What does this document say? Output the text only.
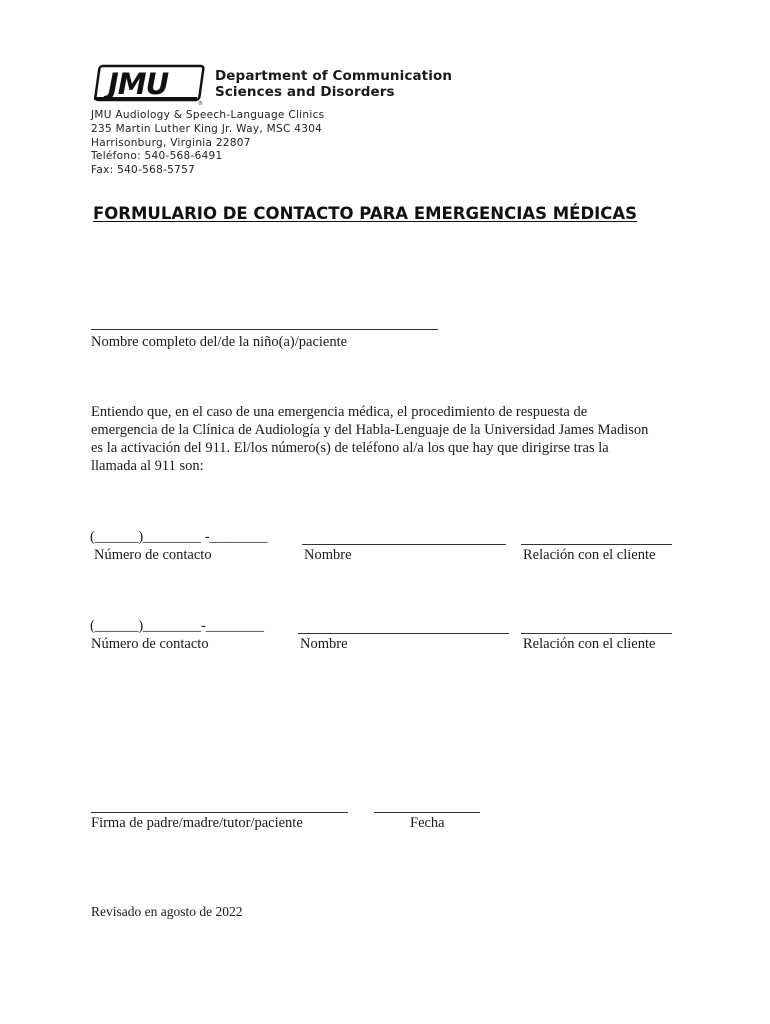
JMU
®
Department of Communication
Sciences and Disorders
JMU Audiology & Speech-Language Clinics
235 Martin Luther King Jr. Way, MSC 4304
Harrisonburg, Virginia 22807
Teléfono: 540-568-6491
Fax: 540-568-5757
FORMULARIO DE CONTACTO PARA EMERGENCIAS MÉDICAS
Nombre completo del/de la niño(a)/paciente
Entiendo que, en el caso de una emergencia médica, el procedimiento de respuesta de
emergencia de la Clínica de Audiología y del Habla-Lenguaje de la Universidad James Madison
es la activación del 911. El/los número(s) de teléfono al/a los que hay que dirigirse tras la
llamada al 911 son:
(______)________ -________
Número de contacto	Nombre	Relación con el cliente
(______)________-________
Número de contacto	Nombre	Relación con el cliente
Firma de padre/madre/tutor/paciente	Fecha
Revisado en agosto de 2022
